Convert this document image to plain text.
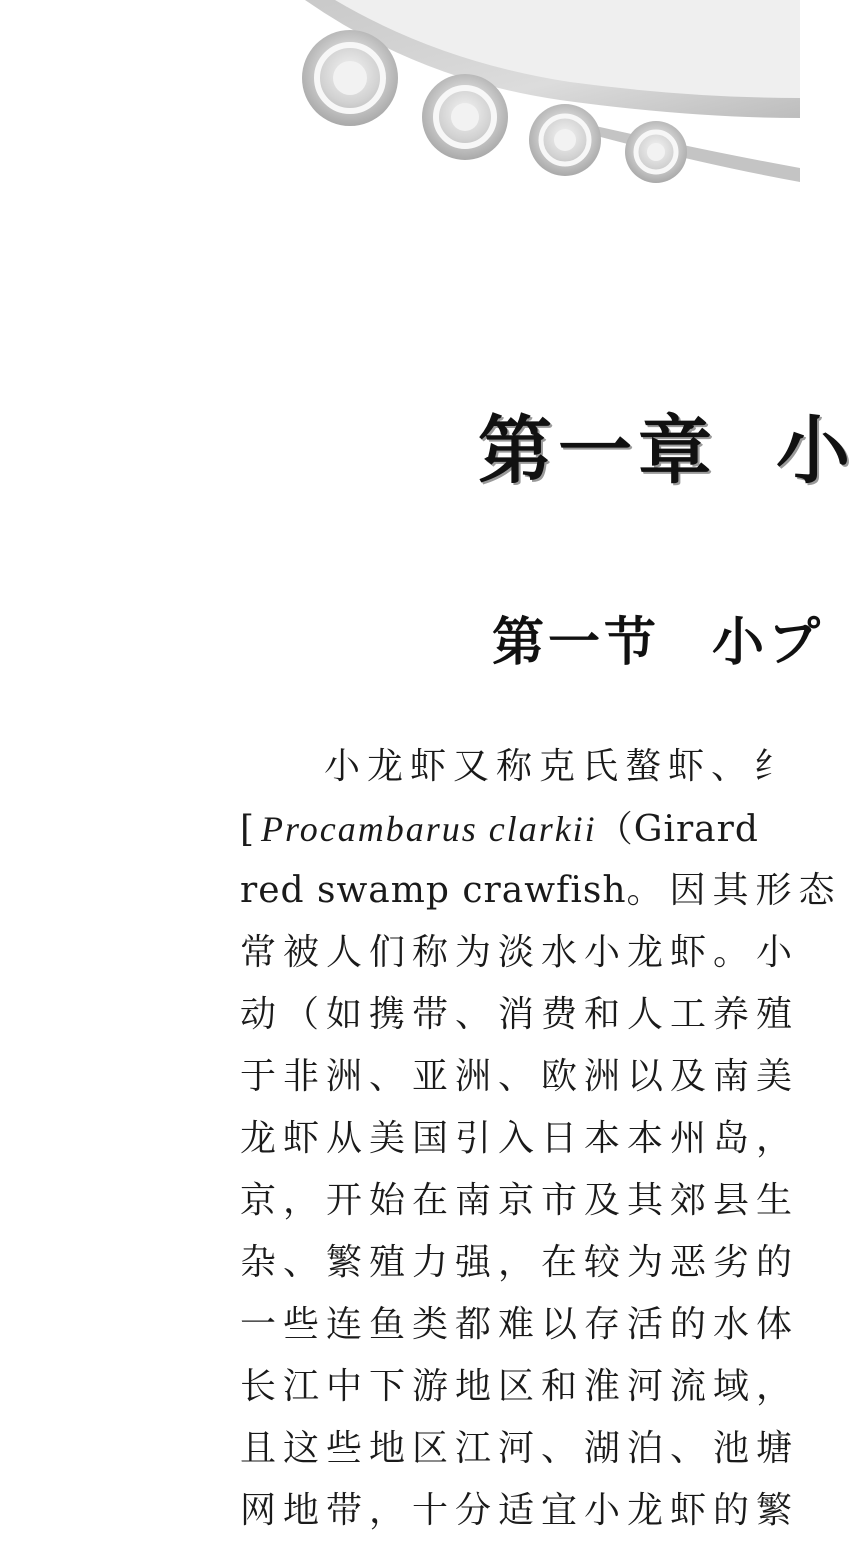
第一章 小
第一节 小プ
小龙虾又称克氏螯虾、纟
[Procambarus clarkii（Girard
red swamp crawfish。因其形态
常被人们称为淡水小龙虾。小
动（如携带、消费和人工养殖
于非洲、亚洲、欧洲以及南美
龙虾从美国引入日本本州岛，
京，开始在南京市及其郊县生
杂、繁殖力强，在较为恶劣的
一些连鱼类都难以存活的水体
长江中下游地区和淮河流域，
且这些地区江河、湖泊、池塘
网地带，十分适宜小龙虾的繁
